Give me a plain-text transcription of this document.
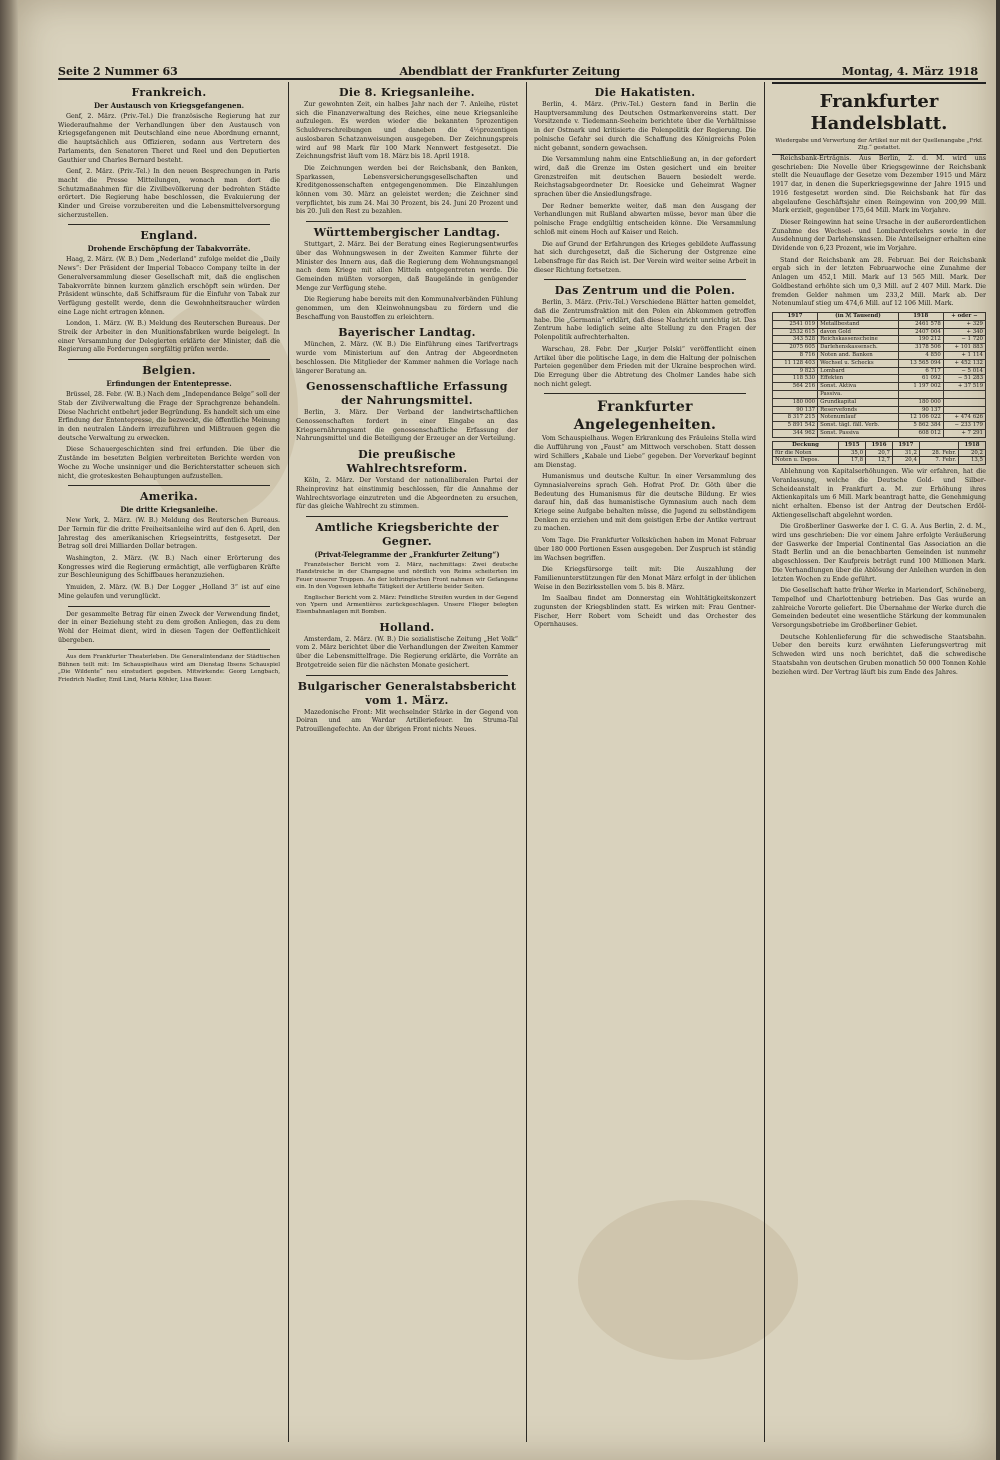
Seite 2 Nummer 63	Abendblatt der Frankfurter Zeitung	Montag, 4. März 1918
Frankreich.
Der Austausch von Kriegsgefangenen.

Genf, 2. März. (Priv.-Tel.) Die französische Regierung hat zur Wiederaufnahme der Verhandlungen über den Austausch von Kriegsgefangenen mit Deutschland eine neue Abordnung ernannt, die hauptsächlich aus Offizieren, sodann aus Vertretern des Parlaments, den Senatoren Theret und Reel und den Deputierten Gauthier und Charles Bernard besteht.

Genf, 2. März. (Priv.-Tel.) In den neuen Besprechungen in Paris macht die Presse Mitteilungen, wonach man dort die Schutzmaßnahmen für die Zivilbevölkerung der bedrohten Städte erörtert. Die Regierung habe beschlossen, die Evakuierung der Kinder und Greise vorzubereiten und die Lebensmittelversorgung sicherzustellen.

England.
Drohende Erschöpfung der Tabakvorräte.

Haag, 2. März. (W. B.) Dem „Nederland“ zufolge meldet die „Daily News“: Der Präsident der Imperial Tobacco Company teilte in der Generalversammlung dieser Gesellschaft mit, daß die englischen Tabakvorräte binnen kurzem gänzlich erschöpft sein würden. Der Präsident wünschte, daß Schiffsraum für die Einfuhr von Tabak zur Verfügung gestellt werde, denn die Gewohnheitsraucher würden eine Lage nicht ertragen können.

London, 1. März. (W. B.) Meldung des Reuterschen Bureaus. Der Streik der Arbeiter in den Munitionsfabriken wurde beigelegt. In einer Versammlung der Delegierten erklärte der Minister, daß die Regierung alle Forderungen sorgfältig prüfen werde.

Belgien.
Erfindungen der Ententepresse.

Brüssel, 28. Febr. (W. B.) Nach dem „Independance Belge“ soll der Stab der Zivilverwaltung die Frage der Sprachgrenze behandeln. Diese Nachricht entbehrt jeder Begründung. Es handelt sich um eine Erfindung der Ententepresse, die bezweckt, die öffentliche Meinung in den neutralen Ländern irrezuführen und Mißtrauen gegen die deutsche Verwaltung zu erwecken.

Diese Schauergeschichten sind frei erfunden. Die über die Zustände im besetzten Belgien verbreiteten Berichte werden von Woche zu Woche unsinniger und die Berichterstatter scheuen sich nicht, die groteskesten Behauptungen aufzustellen.

Amerika.
Die dritte Kriegsanleihe.

New York, 2. März. (W. B.) Meldung des Reuterschen Bureaus. Der Termin für die dritte Freiheitsanleihe wird auf den 6. April, den Jahrestag des amerikanischen Kriegseintritts, festgesetzt. Der Betrag soll drei Milliarden Dollar betragen.

Washington, 2. März. (W. B.) Nach einer Erörterung des Kongresses wird die Regierung ermächtigt, alle verfügbaren Kräfte zur Beschleunigung des Schiffbaues heranzuziehen.

Ymuiden, 2. März. (W. B.) Der Logger „Holland 3“ ist auf eine Mine gelaufen und verunglückt.

Der gesammelte Betrag für einen Zweck der Verwendung findet, der in einer Beziehung steht zu dem großen Anliegen, das zu dem Wohl der Heimat dient, wird in diesen Tagen der Oeffentlichkeit übergeben.

Aus dem Frankfurter Theaterleben. Die Generalintendanz der Städtischen Bühnen teilt mit: Im Schauspielhaus wird am Dienstag Ibsens Schauspiel „Die Wildente“ neu einstudiert gegeben. Mitwirkende: Georg Lengbach, Friedrich Nadler, Emil Lind, Maria Köhler, Lisa Bauer.

Die 8. Kriegsanleihe.

Zur gewohnten Zeit, ein halbes Jahr nach der 7. Anleihe, rüstet sich die Finanzverwaltung des Reiches, eine neue Kriegsanleihe aufzulegen. Es werden wieder die bekannten 5prozentigen Schuldverschreibungen und daneben die 4½prozentigen auslosbaren Schatzanweisungen ausgegeben. Der Zeichnungspreis wird auf 98 Mark für 100 Mark Nennwert festgesetzt. Die Zeichnungsfrist läuft vom 18. März bis 18. April 1918.

Die Zeichnungen werden bei der Reichsbank, den Banken, Sparkassen, Lebensversicherungsgesellschaften und Kreditgenossenschaften entgegengenommen. Die Einzahlungen können vom 30. März an geleistet werden; die Zeichner sind verpflichtet, bis zum 24. Mai 30 Prozent, bis 24. Juni 20 Prozent und bis 20. Juli den Rest zu bezahlen.

Württembergischer Landtag.

Stuttgart, 2. März. Bei der Beratung eines Regierungsentwurfes über das Wohnungswesen in der Zweiten Kammer führte der Minister des Innern aus, daß die Regierung dem Wohnungsmangel nach dem Kriege mit allen Mitteln entgegentreten werde. Die Gemeinden müßten vorsorgen, daß Baugelände in genügender Menge zur Verfügung stehe.

Die Regierung habe bereits mit den Kommunalverbänden Fühlung genommen, um den Kleinwohnungsbau zu fördern und die Beschaffung von Baustoffen zu erleichtern.

Bayerischer Landtag.

München, 2. März. (W. B.) Die Einführung eines Tarifvertrags wurde vom Ministerium auf den Antrag der Abgeordneten beschlossen. Die Mitglieder der Kammer nahmen die Vorlage nach längerer Beratung an.

Genossenschaftliche Erfassung der Nahrungsmittel.

Berlin, 3. März. Der Verband der landwirtschaftlichen Genossenschaften fordert in einer Eingabe an das Kriegsernährungsamt die genossenschaftliche Erfassung der Nahrungsmittel und die Beteiligung der Erzeuger an der Verteilung.

Die preußische Wahlrechtsreform.

Köln, 2. März. Der Vorstand der nationalliberalen Partei der Rheinprovinz hat einstimmig beschlossen, für die Annahme der Wahlrechtsvorlage einzutreten und die Abgeordneten zu ersuchen, für das gleiche Wahlrecht zu stimmen.

Amtliche Kriegsberichte der Gegner.
(Privat-Telegramme der „Frankfurter Zeitung“)

Französischer Bericht vom 2. März, nachmittags: Zwei deutsche Handstreiche in der Champagne und nördlich von Reims scheiterten im Feuer unserer Truppen. An der lothringischen Front nahmen wir Gefangene ein. In den Vogesen lebhafte Tätigkeit der Artillerie beider Seiten.

Englischer Bericht vom 2. März: Feindliche Streifen wurden in der Gegend von Ypern und Armentières zurückgeschlagen. Unsere Flieger belegten Eisenbahnanlagen mit Bomben.

Holland.

Amsterdam, 2. März. (W. B.) Die sozialistische Zeitung „Het Volk“ vom 2. März berichtet über die Verhandlungen der Zweiten Kammer über die Lebensmittelfrage. Die Regierung erklärte, die Vorräte an Brotgetreide seien für die nächsten Monate gesichert.

Bulgarischer Generalstabsbericht vom 1. März.

Mazedonische Front: Mit wechselnder Stärke in der Gegend von Doiran und am Wardar Artilleriefeuer. Im Struma-Tal Patrouillengefechte. An der übrigen Front nichts Neues.

Die Hakatisten.

Berlin, 4. März. (Priv.-Tel.) Gestern fand in Berlin die Hauptversammlung des Deutschen Ostmarkenvereins statt. Der Vorsitzende v. Tiedemann-Seeheim berichtete über die Verhältnisse in der Ostmark und kritisierte die Polenpolitik der Regierung. Die polnische Gefahr sei durch die Schaffung des Königreichs Polen nicht gebannt, sondern gewachsen.

Die Versammlung nahm eine Entschließung an, in der gefordert wird, daß die Grenze im Osten gesichert und ein breiter Grenzstreifen mit deutschen Bauern besiedelt werde. Reichstagsabgeordneter Dr. Roesicke und Geheimrat Wagner sprachen über die Ansiedlungsfrage.

Der Redner bemerkte weiter, daß man den Ausgang der Verhandlungen mit Rußland abwarten müsse, bevor man über die polnische Frage endgültig entscheiden könne. Die Versammlung schloß mit einem Hoch auf Kaiser und Reich.

Die auf Grund der Erfahrungen des Krieges gebildete Auffassung hat sich durchgesetzt, daß die Sicherung der Ostgrenze eine Lebensfrage für das Reich ist. Der Verein wird weiter seine Arbeit in dieser Richtung fortsetzen.

Das Zentrum und die Polen.

Berlin, 3. März. (Priv.-Tel.) Verschiedene Blätter hatten gemeldet, daß die Zentrumsfraktion mit den Polen ein Abkommen getroffen habe. Die „Germania“ erklärt, daß diese Nachricht unrichtig ist. Das Zentrum habe lediglich seine alte Stellung zu den Fragen der Polenpolitik aufrechterhalten.

Warschau, 28. Febr. Der „Kurjer Polski“ veröffentlicht einen Artikel über die politische Lage, in dem die Haltung der polnischen Parteien gegenüber dem Frieden mit der Ukraine besprochen wird. Die Erregung über die Abtretung des Cholmer Landes habe sich noch nicht gelegt.

Frankfurter Angelegenheiten.

Vom Schauspielhaus. Wegen Erkrankung des Fräuleins Stella wird die Aufführung von „Faust“ am Mittwoch verschoben. Statt dessen wird Schillers „Kabale und Liebe“ gegeben. Der Vorverkauf beginnt am Dienstag.

Humanismus und deutsche Kultur. In einer Versammlung des Gymnasialvereins sprach Geh. Hofrat Prof. Dr. Göth über die Bedeutung des Humanismus für die deutsche Bildung. Er wies darauf hin, daß das humanistische Gymnasium auch nach dem Kriege seine Aufgabe behalten müsse, die Jugend zu selbständigem Denken zu erziehen und mit dem geistigen Erbe der Antike vertraut zu machen.

Vom Tage. Die Frankfurter Volksküchen haben im Monat Februar über 180 000 Portionen Essen ausgegeben. Der Zuspruch ist ständig im Wachsen begriffen.

Die Kriegsfürsorge teilt mit: Die Auszahlung der Familienunterstützungen für den Monat März erfolgt in der üblichen Weise in den Bezirksstellen vom 5. bis 8. März.

Im Saalbau findet am Donnerstag ein Wohltätigkeitskonzert zugunsten der Kriegsblinden statt. Es wirken mit: Frau Gentner-Fischer, Herr Robert vom Scheidt und das Orchester des Opernhauses.

Frankfurter Handelsblatt.
Wiedergabe und Verwertung der Artikel nur mit der Quellenangabe „Frkf. Ztg.“ gestattet.

Reichsbank-Erträgnis. Aus Berlin, 2. d. M. wird uns geschrieben: Die Novelle über Kriegsgewinne der Reichsbank stellt die Neuauflage der Gesetze vom Dezember 1915 und März 1917 dar, in denen die Superkriegsgewinne der Jahre 1915 und 1916 festgesetzt worden sind. Die Reichsbank hat für das abgelaufene Geschäftsjahr einen Reingewinn von 200,99 Mill. Mark erzielt, gegenüber 175,64 Mill. Mark im Vorjahre.

Dieser Reingewinn hat seine Ursache in der außerordentlichen Zunahme des Wechsel- und Lombardverkehrs sowie in der Ausdehnung der Darlehenskassen. Die Anteilseigner erhalten eine Dividende von 6,23 Prozent, wie im Vorjahre.

Stand der Reichsbank am 28. Februar. Bei der Reichsbank ergab sich in der letzten Februarwoche eine Zunahme der Anlagen um 452,1 Mill. Mark auf 13 565 Mill. Mark. Der Goldbestand erhöhte sich um 0,3 Mill. auf 2 407 Mill. Mark. Die fremden Gelder nahmen um 233,2 Mill. Mark ab. Der Notenumlauf stieg um 474,6 Mill. auf 12 106 Mill. Mark.

1917	(in ℳ Tausend)	1918	+ oder −
2541 019	Metallbestand	2461 578	+ 329
2532 615	davon Gold	2407 004	+ 340
343 528	Reichskassenscheine	190 212	− 1 720
2075 605	Darlehenskassensch.	3178 506	+ 101 883
8 716	Noten and. Banken	4 850	+ 1 114
11 128 403	Wechsel u. Schecks	13 565 094	+ 452 132
9 823	Lombard	6 717	− 5 014
118 530	Effekten	61 092	− 51 283
564 216	Sonst. Aktiva	1 197 002	+ 37 519
	Passiva.		
180 000	Grundkapital	180 000	
90 137	Reservefonds	90 137	
8 317 215	Notenumlauf	12 106 022	+ 474 626
5 891 542	Sonst. tägl. fäll. Verb.	5 862 384	− 233 179
344 962	Sonst. Passiva	608 012	+ 7 291
Deckung	1915	1916	1917		1918
für die Noten	35,0	20,7	31,2	28. Febr.	20,2
Noten u. Depos.	17,8	12,7	20,4	7. Febr.	13,5

Ablehnung von Kapitalserhöhungen. Wie wir erfahren, hat die Veranlassung, welche die Deutsche Gold- und Silber-Scheideanstalt in Frankfurt a. M. zur Erhöhung ihres Aktienkapitals um 6 Mill. Mark beantragt hatte, die Genehmigung nicht erhalten. Ebenso ist der Antrag der Deutschen Erdöl-Aktiengesellschaft abgelehnt worden.

Die Großberliner Gaswerke der I. C. G. A. Aus Berlin, 2. d. M., wird uns geschrieben: Die vor einem Jahre erfolgte Veräußerung der Gaswerke der Imperial Continental Gas Association an die Stadt Berlin und an die benachbarten Gemeinden ist nunmehr abgeschlossen. Der Kaufpreis beträgt rund 100 Millionen Mark. Die Verhandlungen über die Ablösung der Anleihen wurden in den letzten Wochen zu Ende geführt.

Die Gesellschaft hatte früher Werke in Mariendorf, Schöneberg, Tempelhof und Charlottenburg betrieben. Das Gas wurde an zahlreiche Vororte geliefert. Die Übernahme der Werke durch die Gemeinden bedeutet eine wesentliche Stärkung der kommunalen Versorgungsbetriebe im Großberliner Gebiet.

Deutsche Kohlenlieferung für die schwedische Staatsbahn. Ueber den bereits kurz erwähnten Lieferungsvertrag mit Schweden wird uns noch berichtet, daß die schwedische Staatsbahn von deutschen Gruben monatlich 50 000 Tonnen Kohle beziehen wird. Der Vertrag läuft bis zum Ende des Jahres.
